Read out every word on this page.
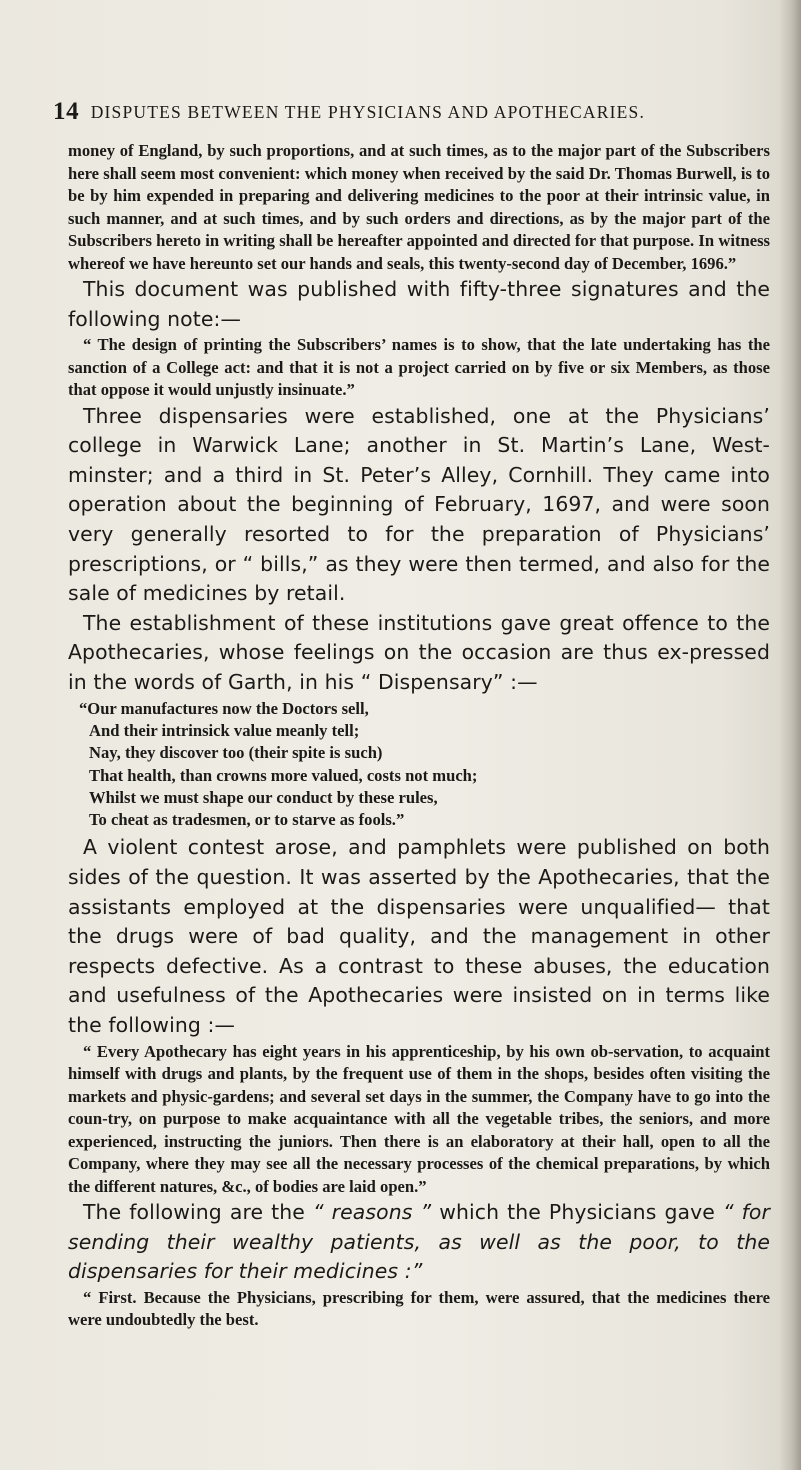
14 DISPUTES BETWEEN THE PHYSICIANS AND APOTHECARIES.

money of England, by such proportions, and at such times, as to the major part of the Subscribers here shall seem most convenient: which money when received by the said Dr. Thomas Burwell, is to be by him expended in preparing and delivering medicines to the poor at their intrinsic value, in such manner, and at such times, and by such orders and directions, as by the major part of the Subscribers hereto in writing shall be hereafter appointed and directed for that purpose. In witness whereof we have hereunto set our hands and seals, this twenty-second day of December, 1696.”

This document was published with fifty-three signatures and the following note:—

“ The design of printing the Subscribers’ names is to show, that the late undertaking has the sanction of a College act: and that it is not a project carried on by five or six Members, as those that oppose it would unjustly insinuate.”

Three dispensaries were established, one at the Physicians’ college in Warwick Lane; another in St. Martin’s Lane, West-minster; and a third in St. Peter’s Alley, Cornhill. They came into operation about the beginning of February, 1697, and were soon very generally resorted to for the preparation of Physicians’ prescriptions, or “ bills,” as they were then termed, and also for the sale of medicines by retail.

The establishment of these institutions gave great offence to the Apothecaries, whose feelings on the occasion are thus ex-pressed in the words of Garth, in his “ Dispensary” :—

“Our manufactures now the Doctors sell,
And their intrinsick value meanly tell;
Nay, they discover too (their spite is such)
That health, than crowns more valued, costs not much;
Whilst we must shape our conduct by these rules,
To cheat as tradesmen, or to starve as fools.”

A violent contest arose, and pamphlets were published on both sides of the question. It was asserted by the Apothecaries, that the assistants employed at the dispensaries were unqualified— that the drugs were of bad quality, and the management in other respects defective. As a contrast to these abuses, the education and usefulness of the Apothecaries were insisted on in terms like the following :—

“ Every Apothecary has eight years in his apprenticeship, by his own ob-servation, to acquaint himself with drugs and plants, by the frequent use of them in the shops, besides often visiting the markets and physic-gardens; and several set days in the summer, the Company have to go into the coun-try, on purpose to make acquaintance with all the vegetable tribes, the seniors, and more experienced, instructing the juniors. Then there is an elaboratory at their hall, open to all the Company, where they may see all the necessary processes of the chemical preparations, by which the different natures, &c., of bodies are laid open.”

The following are the “ reasons ” which the Physicians gave “ for sending their wealthy patients, as well as the poor, to the dispensaries for their medicines :”

“ First. Because the Physicians, prescribing for them, were assured, that the medicines there were undoubtedly the best.
